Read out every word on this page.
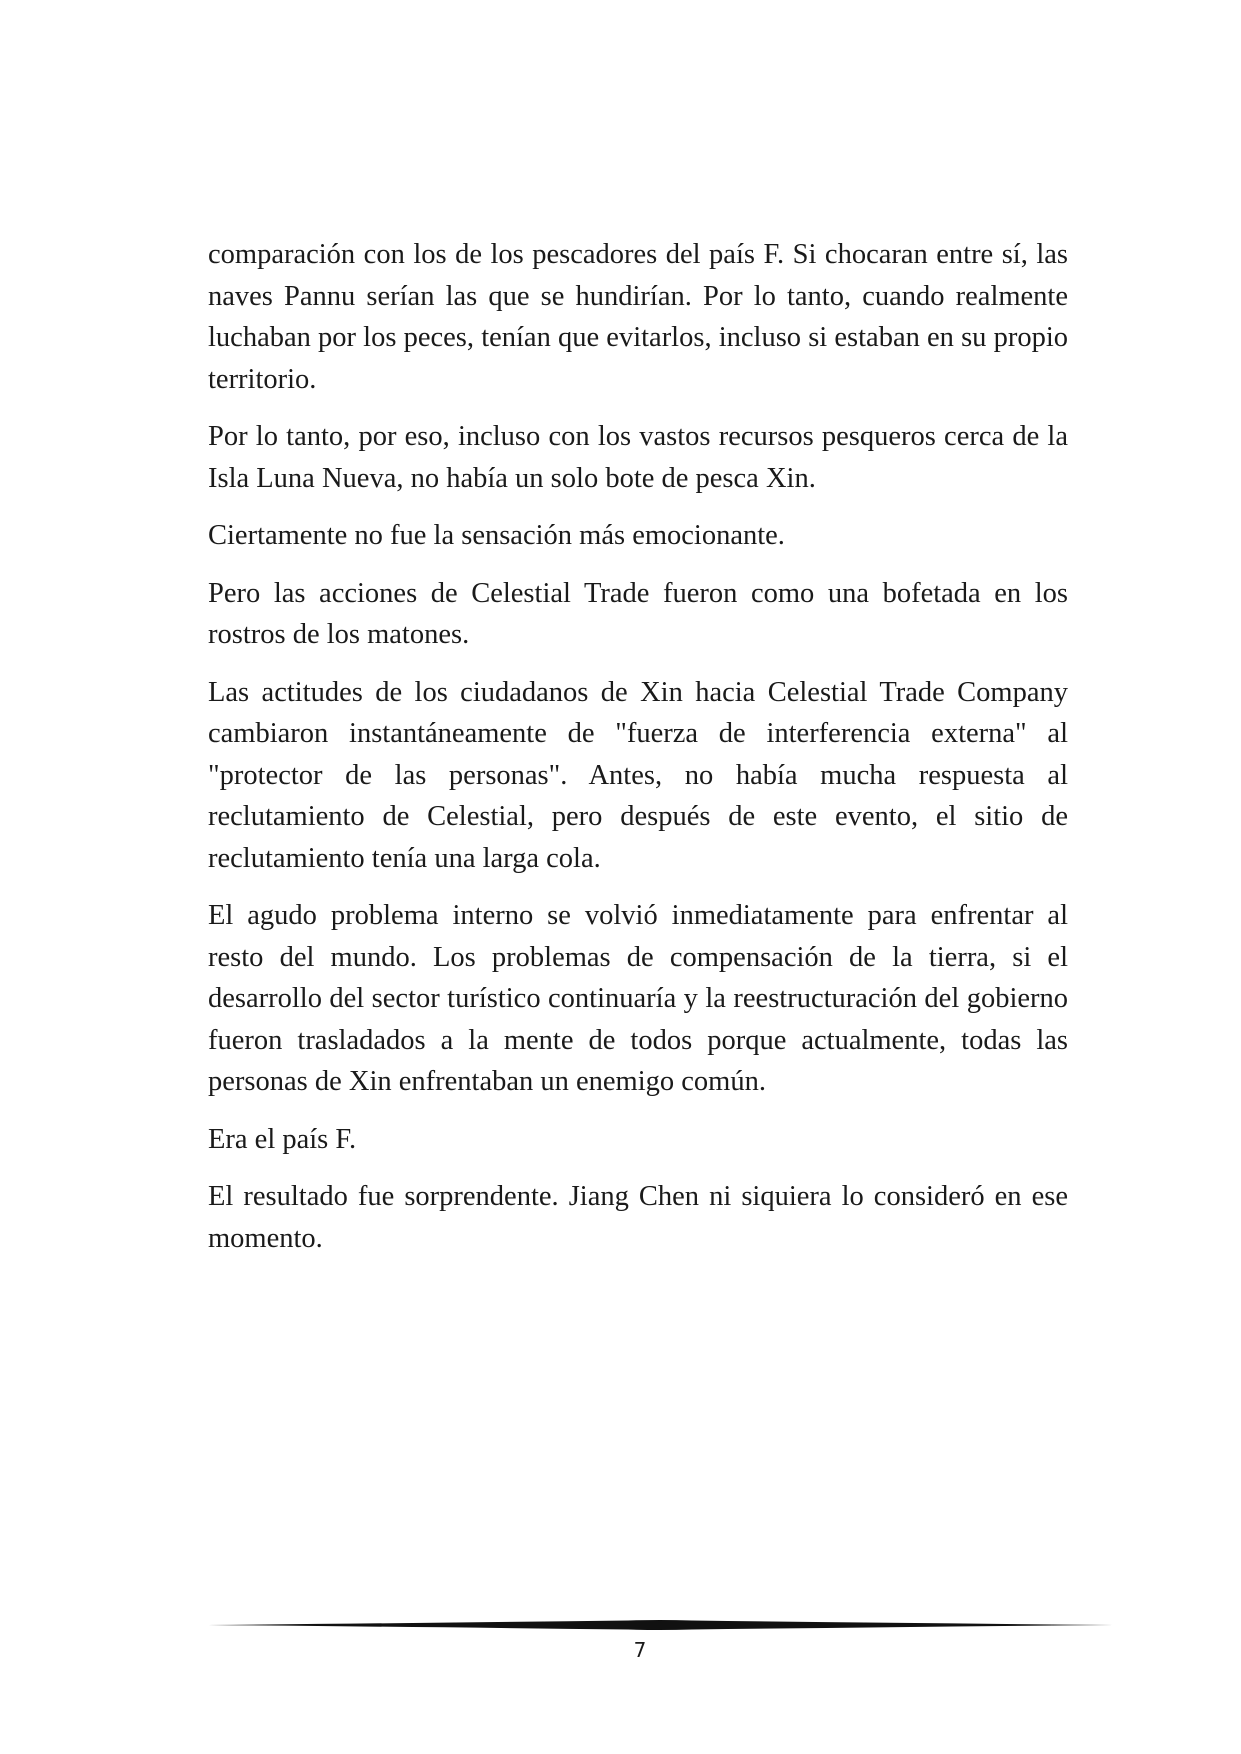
comparación con los de los pescadores del país F. Si chocaran entre sí, las naves Pannu serían las que se hundirían. Por lo tanto, cuando realmente luchaban por los peces, tenían que evitarlos, incluso si estaban en su propio territorio.

Por lo tanto, por eso, incluso con los vastos recursos pesqueros cerca de la Isla Luna Nueva, no había un solo bote de pesca Xin.

Ciertamente no fue la sensación más emocionante.

Pero las acciones de Celestial Trade fueron como una bofetada en los rostros de los matones.

Las actitudes de los ciudadanos de Xin hacia Celestial Trade Company cambiaron instantáneamente de "fuerza de interferencia externa" al "protector de las personas". Antes, no había mucha respuesta al reclutamiento de Celestial, pero después de este evento, el sitio de reclutamiento tenía una larga cola.

El agudo problema interno se volvió inmediatamente para enfrentar al resto del mundo. Los problemas de compensación de la tierra, si el desarrollo del sector turístico continuaría y la reestructuración del gobierno fueron trasladados a la mente de todos porque actualmente, todas las personas de Xin enfrentaban un enemigo común.

Era el país F.

El resultado fue sorprendente. Jiang Chen ni siquiera lo consideró en ese momento.

7
